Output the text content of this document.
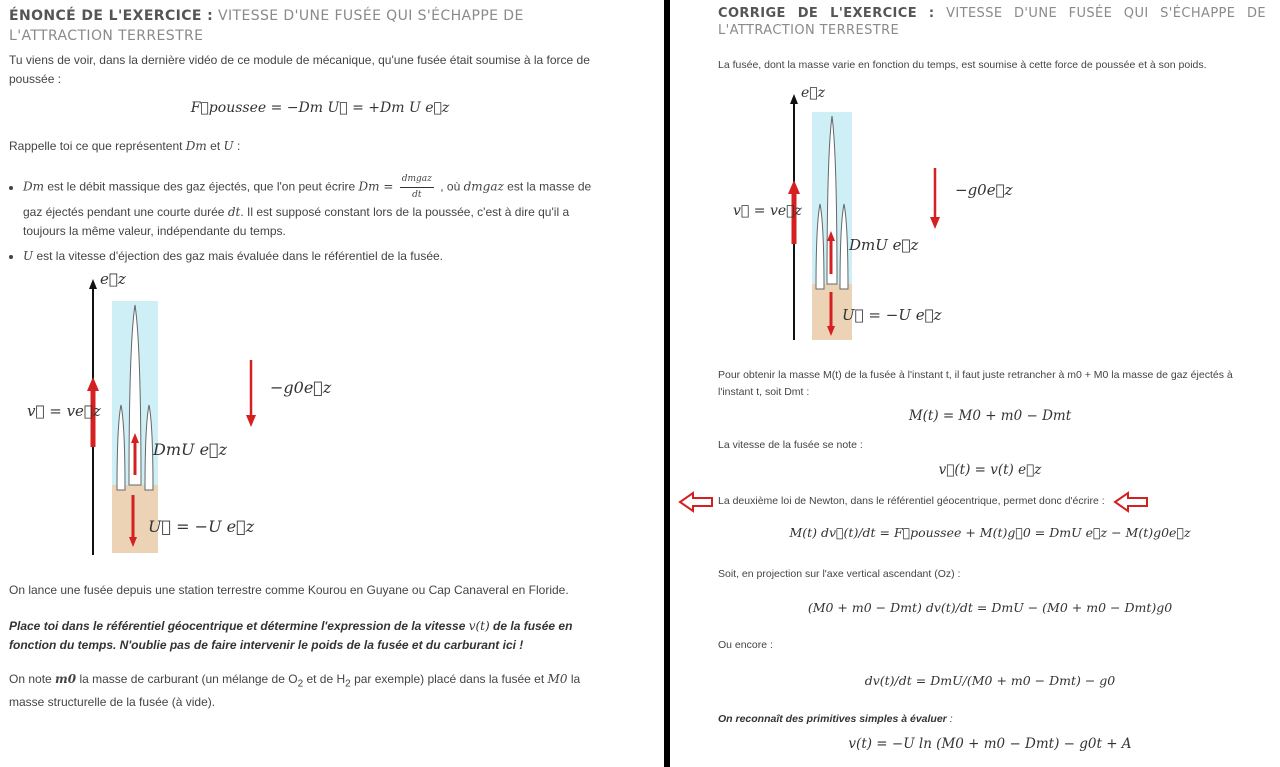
ÉNONCÉ DE L'EXERCICE : VITESSE D'UNE FUSÉE QUI S'ÉCHAPPE DE L'ATTRACTION TERRESTRE
Tu viens de voir, dans la dernière vidéo de ce module de mécanique, qu'une fusée était soumise à la force de poussée :
F⃗poussee = −Dm U⃗ = +Dm U e⃗z
Rappelle toi ce que représentent Dm et U :
• Dm est le débit massique des gaz éjectés, que l'on peut écrire $Dm = \frac{\text{dmgaz}}{dt}$ , où dmgaz est la masse de gaz éjectés pendant une courte durée dt. Il est supposé constant lors de la poussée, c'est à dire qu'il a toujours la même valeur, indépendante du temps.
• U est la vitesse d'éjection des gaz mais évaluée dans le référentiel de la fusée.
e⃗z
v⃗ = ve⃗z
−g0e⃗z
DmU e⃗z
U⃗ = −U e⃗z
On lance une fusée depuis une station terrestre comme Kourou en Guyane ou Cap Canaveral en Floride.
Place toi dans le référentiel géocentrique et détermine l'expression de la vitesse v(t) de la fusée en fonction du temps. N'oublie pas de faire intervenir le poids de la fusée et du carburant ici !
On note m0 la masse de carburant (un mélange de $O_2$ et de $H_2$ par exemple) placé dans la fusée et M0 la masse structurelle de la fusée (à vide).
CORRIGE DE L'EXERCICE : VITESSE D'UNE FUSÉE QUI S'ÉCHAPPE DE L'ATTRACTION TERRESTRE
La fusée, dont la masse varie en fonction du temps, est soumise à cette force de poussée et à son poids.
e⃗z
v⃗ = ve⃗z
−g0e⃗z
DmU e⃗z
U⃗ = −U e⃗z
Pour obtenir la masse M(t) de la fusée à l'instant t, il faut juste retrancher à m0 + M0 la masse de gaz éjectés à l'instant t, soit Dmt :
M(t) = M0 + m0 − Dmt
La vitesse de la fusée se note :
v⃗(t) = v(t) e⃗z
La deuxième loi de Newton, dans le référentiel géocentrique, permet donc d'écrire :
M(t) dv⃗(t)/dt = F⃗poussee + M(t)g⃗0 = DmU e⃗z − M(t)g0e⃗z
Soit, en projection sur l'axe vertical ascendant (Oz) :
(M0 + m0 − Dmt) dv(t)/dt = DmU − (M0 + m0 − Dmt)g0
Ou encore :
dv(t)/dt = DmU/(M0 + m0 − Dmt) − g0
On reconnaît des primitives simples à évaluer :
v(t) = −U ln (M0 + m0 − Dmt) − g0t + A
